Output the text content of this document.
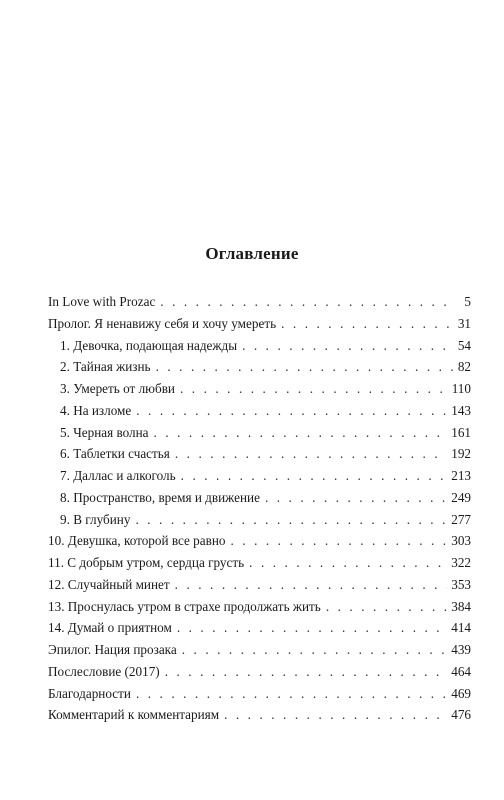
Оглавление
In Love with Prozac . . .	5
Пролог. Я ненавижу себя и хочу умереть . . .	31
1. Девочка, подающая надежды . . .	54
2. Тайная жизнь . . .	82
3. Умереть от любви . . .	110
4. На изломе . . .	143
5. Черная волна . . .	161
6. Таблетки счастья . . .	192
7. Даллас и алкоголь . . .	213
8. Пространство, время и движение . . .	249
9. В глубину . . .	277
10. Девушка, которой все равно . . .	303
11. С добрым утром, сердца грусть . . .	322
12. Случайный минет . . .	353
13. Проснулась утром в страхе продолжать жить . . .	384
14. Думай о приятном . . .	414
Эпилог. Нация прозака . . .	439
Послесловие (2017) . . .	464
Благодарности . . .	469
Комментарий к комментариям . . .	476
